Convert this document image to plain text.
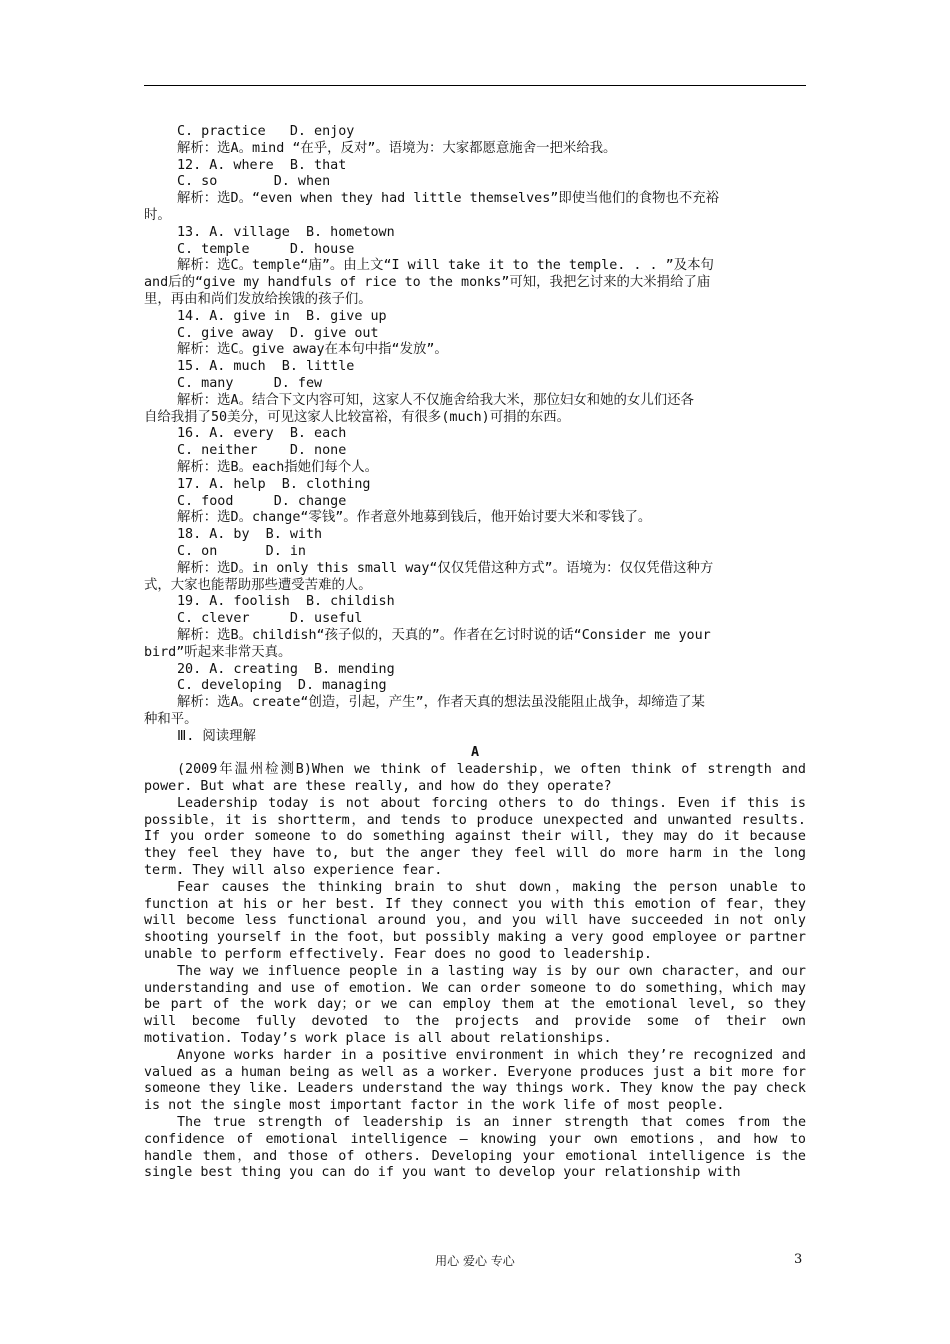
C. practice   D. enjoy
解析：选A。mind “在乎，反对”。语境为：大家都愿意施舍一把米给我。
12. A. where  B. that
C. so       D. when
解析：选D。“even when they had little themselves”即使当他们的食物也不充裕
时。
13. A. village  B. hometown
C. temple     D. house
解析：选C。temple“庙”。由上文“I will take it to the temple. . . ”及本句
and后的“give my handfuls of rice to the monks”可知，我把乞讨来的大米捐给了庙
里，再由和尚们发放给挨饿的孩子们。
14. A. give in  B. give up
C. give away  D. give out
解析：选C。give away在本句中指“发放”。
15. A. much  B. little
C. many     D. few
解析：选A。结合下文内容可知，这家人不仅施舍给我大米，那位妇女和她的女儿们还各
自给我捐了50美分，可见这家人比较富裕，有很多(much)可捐的东西。
16. A. every  B. each
C. neither    D. none
解析：选B。each指她们每个人。
17. A. help  B. clothing
C. food     D. change
解析：选D。change“零钱”。作者意外地募到钱后，他开始讨要大米和零钱了。
18. A. by  B. with
C. on      D. in
解析：选D。in only this small way“仅仅凭借这种方式”。语境为：仅仅凭借这种方
式，大家也能帮助那些遭受苦难的人。
19. A. foolish  B. childish
C. clever     D. useful
解析：选B。childish“孩子似的，天真的”。作者在乞讨时说的话“Consider me your
bird”听起来非常天真。
20. A. creating  B. mending
C. developing  D. managing
解析：选A。create“创造，引起，产生”，作者天真的想法虽没能阻止战争，却缔造了某
种和平。
Ⅲ. 阅读理解
A
(2009年温州检测B)When we think of leadership，we often think of strength and power. But what are these really, and how do they operate?
Leadership today is not about forcing others to do things. Even if this is possible，it is shortterm，and tends to produce unexpected and unwanted results. If you order someone to do something against their will, they may do it because they feel they have to, but the anger they feel will do more harm in the long term. They will also experience fear.
Fear causes the thinking brain to shut down，making the person unable to function at his or her best. If they connect you with this emotion of fear，they will become less functional around you，and you will have succeeded in not only shooting yourself in the foot，but possibly making a very good employee or partner unable to perform effectively. Fear does no good to leadership.
The way we influence people in a lasting way is by our own character，and our understanding and use of emotion. We can order someone to do something，which may be part of the work day；or we can employ them at the emotional level, so they will become fully devoted to the projects and provide some of their own motivation. Today’s work place is all about relationships.
Anyone works harder in a positive environment in which they’re recognized and valued as a human being as well as a worker. Everyone produces just a bit more for someone they like. Leaders understand the way things work. They know the pay check is not the single most important factor in the work life of most people.
The true strength of leadership is an inner strength that comes from the confidence of emotional intelligence — knowing your own emotions，and how to handle them，and those of others. Developing your emotional intelligence is the single best thing you can do if you want to develop your relationship with
用心 爱心 专心	3
